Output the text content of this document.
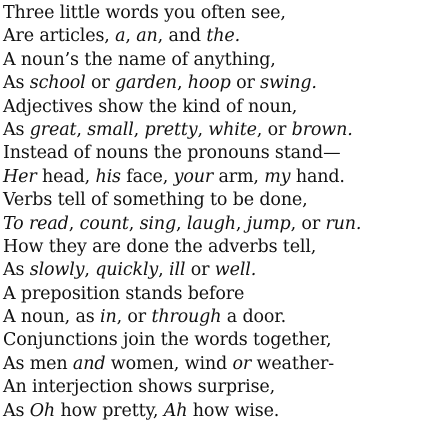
Three little words you often see,
Are articles, a, an, and the.
A noun’s the name of anything,
As school or garden, hoop or swing.
Adjectives show the kind of noun,
As great, small, pretty, white, or brown.
Instead of nouns the pronouns stand—
Her head, his face, your arm, my hand.
Verbs tell of something to be done,
To read, count, sing, laugh, jump, or run.
How they are done the adverbs tell,
As slowly, quickly, ill or well.
A preposition stands before
A noun, as in, or through a door.
Conjunctions join the words together,
As men and women, wind or weather-
An interjection shows surprise,
As Oh how pretty, Ah how wise.
